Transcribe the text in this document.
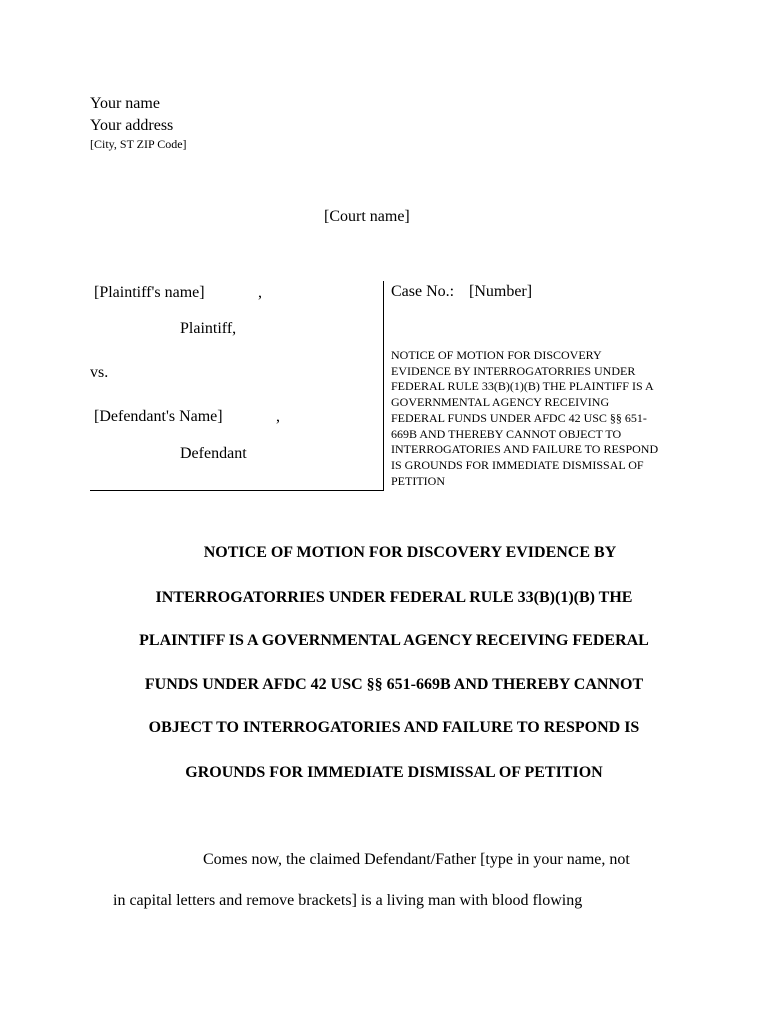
Your name
Your address
[City, ST ZIP Code]
[Court name]
[Plaintiff's name]	,
Plaintiff,
vs.
[Defendant's Name]	,
Defendant
Case No.: [Number]
NOTICE OF MOTION FOR DISCOVERY
EVIDENCE BY INTERROGATORRIES UNDER
FEDERAL RULE 33(B)(1)(B) THE PLAINTIFF IS A
GOVERNMENTAL AGENCY RECEIVING
FEDERAL FUNDS UNDER AFDC 42 USC §§ 651-
669B AND THEREBY CANNOT OBJECT TO
INTERROGATORIES AND FAILURE TO RESPOND
IS GROUNDS FOR IMMEDIATE DISMISSAL OF
PETITION
NOTICE OF MOTION FOR DISCOVERY EVIDENCE BY
INTERROGATORRIES UNDER FEDERAL RULE 33(B)(1)(B) THE
PLAINTIFF IS A GOVERNMENTAL AGENCY RECEIVING FEDERAL
FUNDS UNDER AFDC 42 USC §§ 651-669B AND THEREBY CANNOT
OBJECT TO INTERROGATORIES AND FAILURE TO RESPOND IS
GROUNDS FOR IMMEDIATE DISMISSAL OF PETITION
Comes now, the claimed Defendant/Father [type in your name, not
in capital letters and remove brackets] is a living man with blood flowing
